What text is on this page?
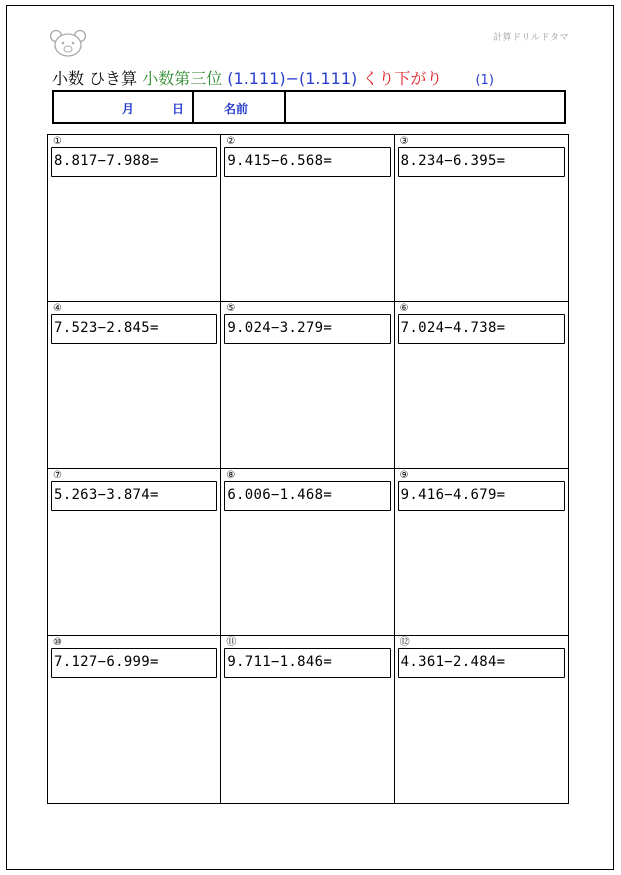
計算ドリルドタマ
小数 ひき算 小数第三位 (1.111)−(1.111) くり下がり	(1)
月	日	名前
①
8.817−7.988=
②
9.415−6.568=
③
8.234−6.395=
④
7.523−2.845=
⑤
9.024−3.279=
⑥
7.024−4.738=
⑦
5.263−3.874=
⑧
6.006−1.468=
⑨
9.416−4.679=
⑩
7.127−6.999=
⑪
9.711−1.846=
⑫
4.361−2.484=
